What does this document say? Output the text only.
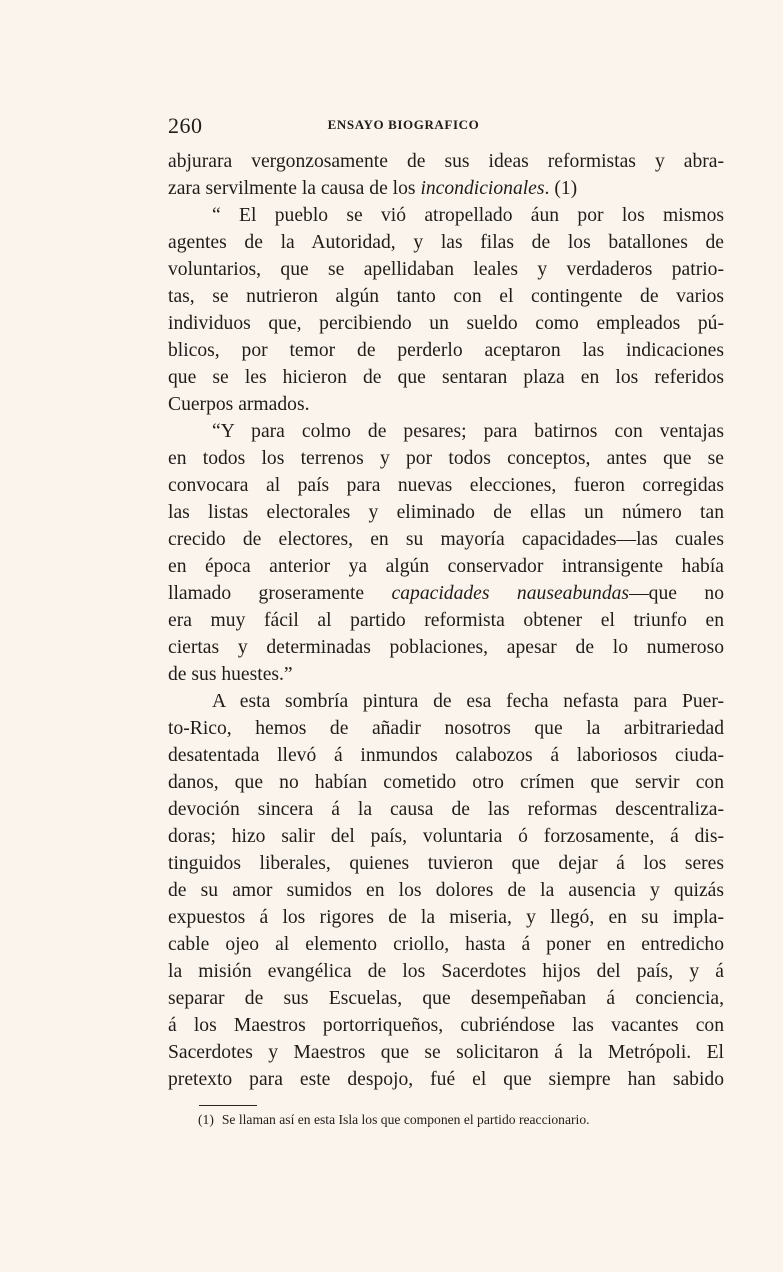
260	ENSAYO BIOGRAFICO
abjurara vergonzosamente de sus ideas reformistas y abra-
zara servilmente la causa de los incondicionales. (1)
“ El pueblo se vió atropellado áun por los mismos
agentes de la Autoridad, y las filas de los batallones de
voluntarios, que se apellidaban leales y verdaderos patrio-
tas, se nutrieron algún tanto con el contingente de varios
individuos que, percibiendo un sueldo como empleados pú-
blicos, por temor de perderlo aceptaron las indicaciones
que se les hicieron de que sentaran plaza en los referidos
Cuerpos armados.
“Y para colmo de pesares; para batirnos con ventajas
en todos los terrenos y por todos conceptos, antes que se
convocara al país para nuevas elecciones, fueron corregidas
las listas electorales y eliminado de ellas un número tan
crecido de electores, en su mayoría capacidades—las cuales
en época anterior ya algún conservador intransigente había
llamado groseramente capacidades nauseabundas—que no
era muy fácil al partido reformista obtener el triunfo en
ciertas y determinadas poblaciones, apesar de lo numeroso
de sus huestes.”
A esta sombría pintura de esa fecha nefasta para Puer-
to-Rico, hemos de añadir nosotros que la arbitrariedad
desatentada llevó á inmundos calabozos á laboriosos ciuda-
danos, que no habían cometido otro crímen que servir con
devoción sincera á la causa de las reformas descentraliza-
doras; hizo salir del país, voluntaria ó forzosamente, á dis-
tinguidos liberales, quienes tuvieron que dejar á los seres
de su amor sumidos en los dolores de la ausencia y quizás
expuestos á los rigores de la miseria, y llegó, en su impla-
cable ojeo al elemento criollo, hasta á poner en entredicho
la misión evangélica de los Sacerdotes hijos del país, y á
separar de sus Escuelas, que desempeñaban á conciencia,
á los Maestros portorriqueños, cubriéndose las vacantes con
Sacerdotes y Maestros que se solicitaron á la Metrópoli. El
pretexto para este despojo, fué el que siempre han sabido
(1) Se llaman así en esta Isla los que componen el partido reaccionario.
